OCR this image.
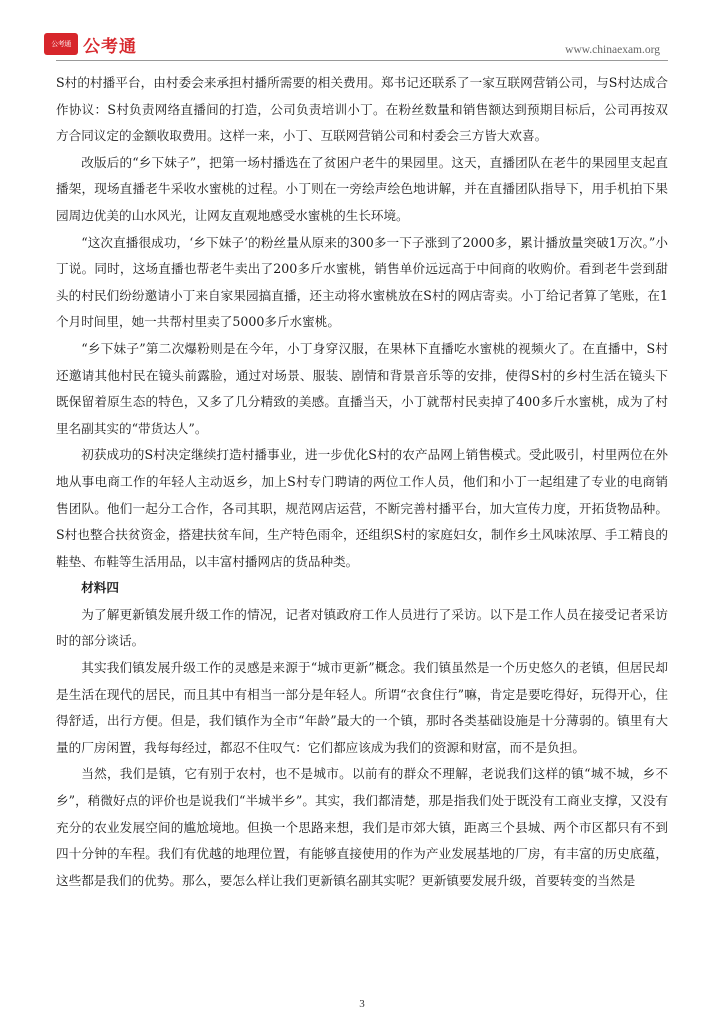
公考通 公考通	www.chinaexam.org

S村的村播平台，由村委会来承担村播所需要的相关费用。郑书记还联系了一家互联网营销公司，与S村达成合作协议：S村负责网络直播间的打造，公司负责培训小丁。在粉丝数量和销售额达到预期目标后，公司再按双方合同议定的金额收取费用。这样一来，小丁、互联网营销公司和村委会三方皆大欢喜。

改版后的“乡下妹子”，把第一场村播选在了贫困户老牛的果园里。这天，直播团队在老牛的果园里支起直播架，现场直播老牛采收水蜜桃的过程。小丁则在一旁绘声绘色地讲解，并在直播团队指导下，用手机拍下果园周边优美的山水风光，让网友直观地感受水蜜桃的生长环境。

“这次直播很成功，‘乡下妹子’的粉丝量从原来的300多一下子涨到了2000多，累计播放量突破1万次。”小丁说。同时，这场直播也帮老牛卖出了200多斤水蜜桃，销售单价远远高于中间商的收购价。看到老牛尝到甜头的村民们纷纷邀请小丁来自家果园搞直播，还主动将水蜜桃放在S村的网店寄卖。小丁给记者算了笔账，在1个月时间里，她一共帮村里卖了5000多斤水蜜桃。

“乡下妹子”第二次爆粉则是在今年，小丁身穿汉服，在果林下直播吃水蜜桃的视频火了。在直播中，S村还邀请其他村民在镜头前露脸，通过对场景、服装、剧情和背景音乐等的安排，使得S村的乡村生活在镜头下既保留着原生态的特色，又多了几分精致的美感。直播当天，小丁就帮村民卖掉了400多斤水蜜桃，成为了村里名副其实的“带货达人”。

初获成功的S村决定继续打造村播事业，进一步优化S村的农产品网上销售模式。受此吸引，村里两位在外地从事电商工作的年轻人主动返乡，加上S村专门聘请的两位工作人员，他们和小丁一起组建了专业的电商销售团队。他们一起分工合作，各司其职，规范网店运营，不断完善村播平台，加大宣传力度，开拓货物品种。S村也整合扶贫资金，搭建扶贫车间，生产特色雨伞，还组织S村的家庭妇女，制作乡土风味浓厚、手工精良的鞋垫、布鞋等生活用品，以丰富村播网店的货品种类。

材料四

为了解更新镇发展升级工作的情况，记者对镇政府工作人员进行了采访。以下是工作人员在接受记者采访时的部分谈话。

其实我们镇发展升级工作的灵感是来源于“城市更新”概念。我们镇虽然是一个历史悠久的老镇，但居民却是生活在现代的居民，而且其中有相当一部分是年轻人。所谓“衣食住行”嘛，肯定是要吃得好，玩得开心，住得舒适，出行方便。但是，我们镇作为全市“年龄”最大的一个镇，那时各类基础设施是十分薄弱的。镇里有大量的厂房闲置，我每每经过，都忍不住叹气：它们都应该成为我们的资源和财富，而不是负担。

当然，我们是镇，它有别于农村，也不是城市。以前有的群众不理解，老说我们这样的镇“城不城，乡不乡”，稍微好点的评价也是说我们“半城半乡”。其实，我们都清楚，那是指我们处于既没有工商业支撑，又没有充分的农业发展空间的尴尬境地。但换一个思路来想，我们是市郊大镇，距离三个县城、两个市区都只有不到四十分钟的车程。我们有优越的地理位置，有能够直接使用的作为产业发展基地的厂房，有丰富的历史底蕴，这些都是我们的优势。那么，要怎么样让我们更新镇名副其实呢？更新镇要发展升级，首要转变的当然是

3
